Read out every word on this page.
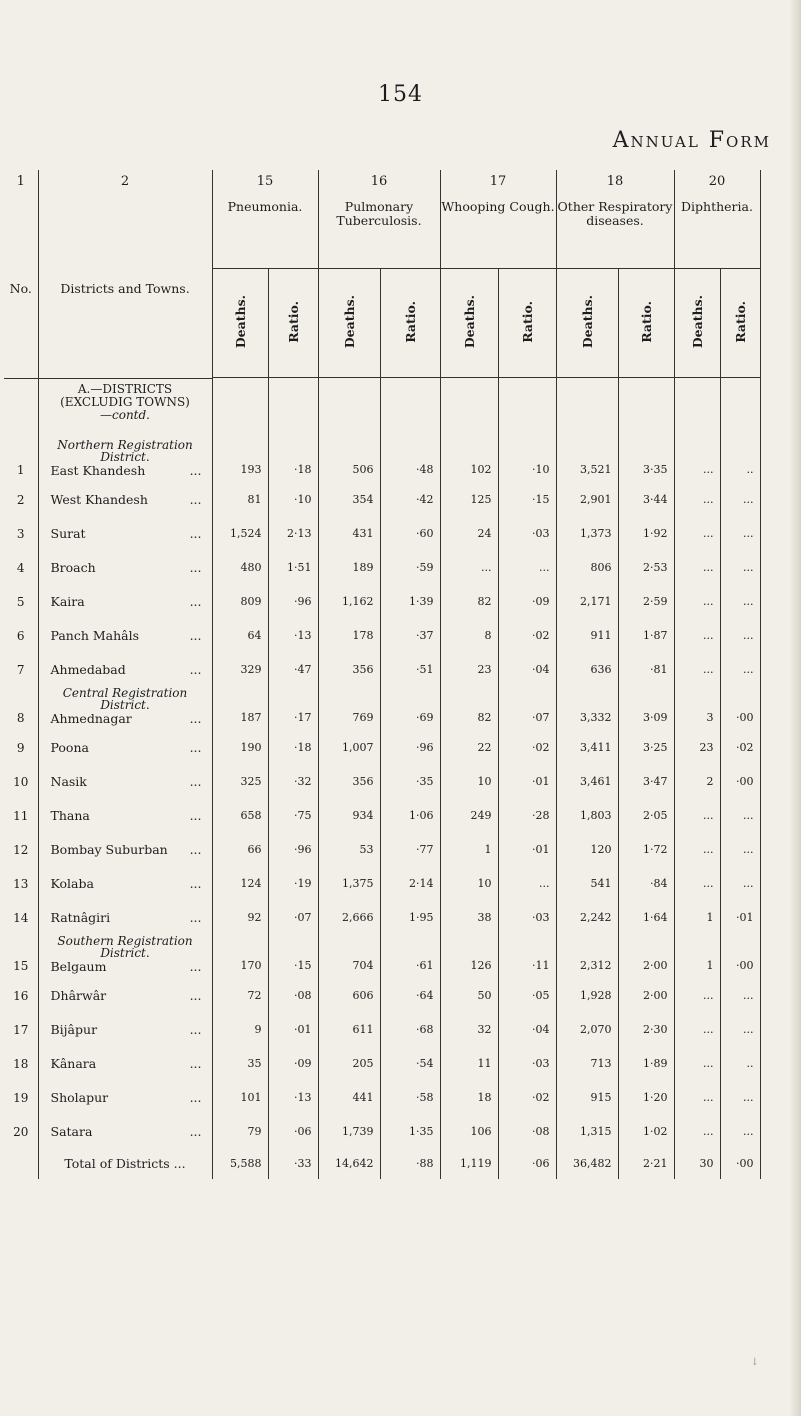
154
Annual Form
1	2	15		16		17		18		20	
No.	Districts and Towns.	Pneumonia.		Pulmonary Tuberculosis.		Whooping Cough.		Other Respiratory diseases.		Diphtheria.	
		Deaths.	Ratio.	Deaths.	Ratio.	Deaths.	Ratio.	Deaths.	Ratio.	Deaths.	Ratio.

	A.—DISTRICTS
(EXCLUDIG TOWNS)
—contd.										

	Northern Registration District.										
1	East Khandesh ...	193	·18	506	·48	102	·10	3,521	3·35	...	..
2	West Khandesh ...	81	·10	354	·42	125	·15	2,901	3·44	...	...
3	Surat ...	1,524	2·13	431	·60	24	·03	1,373	1·92	...	...
4	Broach ...	480	1·51	189	·59	...	...	806	2·53	...	...
5	Kaira ...	809	·96	1,162	1·39	82	·09	2,171	2·59	...	...
6	Panch Mahâls ...	64	·13	178	·37	8	·02	911	1·87	...	...
7	Ahmedabad ...	329	·47	356	·51	23	·04	636	·81	...	...
	Central Registration District.										
8	Ahmednagar ...	187	·17	769	·69	82	·07	3,332	3·09	3	·00
9	Poona ...	190	·18	1,007	·96	22	·02	3,411	3·25	23	·02
10	Nasik ...	325	·32	356	·35	10	·01	3,461	3·47	2	·00
11	Thana ...	658	·75	934	1·06	249	·28	1,803	2·05	...	...
12	Bombay Suburban ...	66	·96	53	·77	1	·01	120	1·72	...	...
13	Kolaba ...	124	·19	1,375	2·14	10	...	541	·84	...	...
14	Ratnâgiri ...	92	·07	2,666	1·95	38	·03	2,242	1·64	1	·01
	Southern Registration District.										
15	Belgaum ...	170	·15	704	·61	126	·11	2,312	2·00	1	·00
16	Dhârwâr ...	72	·08	606	·64	50	·05	1,928	2·00	...	...
17	Bijâpur ...	9	·01	611	·68	32	·04	2,070	2·30	...	...
18	Kânara ...	35	·09	205	·54	11	·03	713	1·89	...	..
19	Sholapur ...	101	·13	441	·58	18	·02	915	1·20	...	...
20	Satara ...	79	·06	1,739	1·35	106	·08	1,315	1·02	...	...
	Total of Districts ...	5,588	·33	14,642	·88	1,119	·06	36,482	2·21	30	·00
↓
